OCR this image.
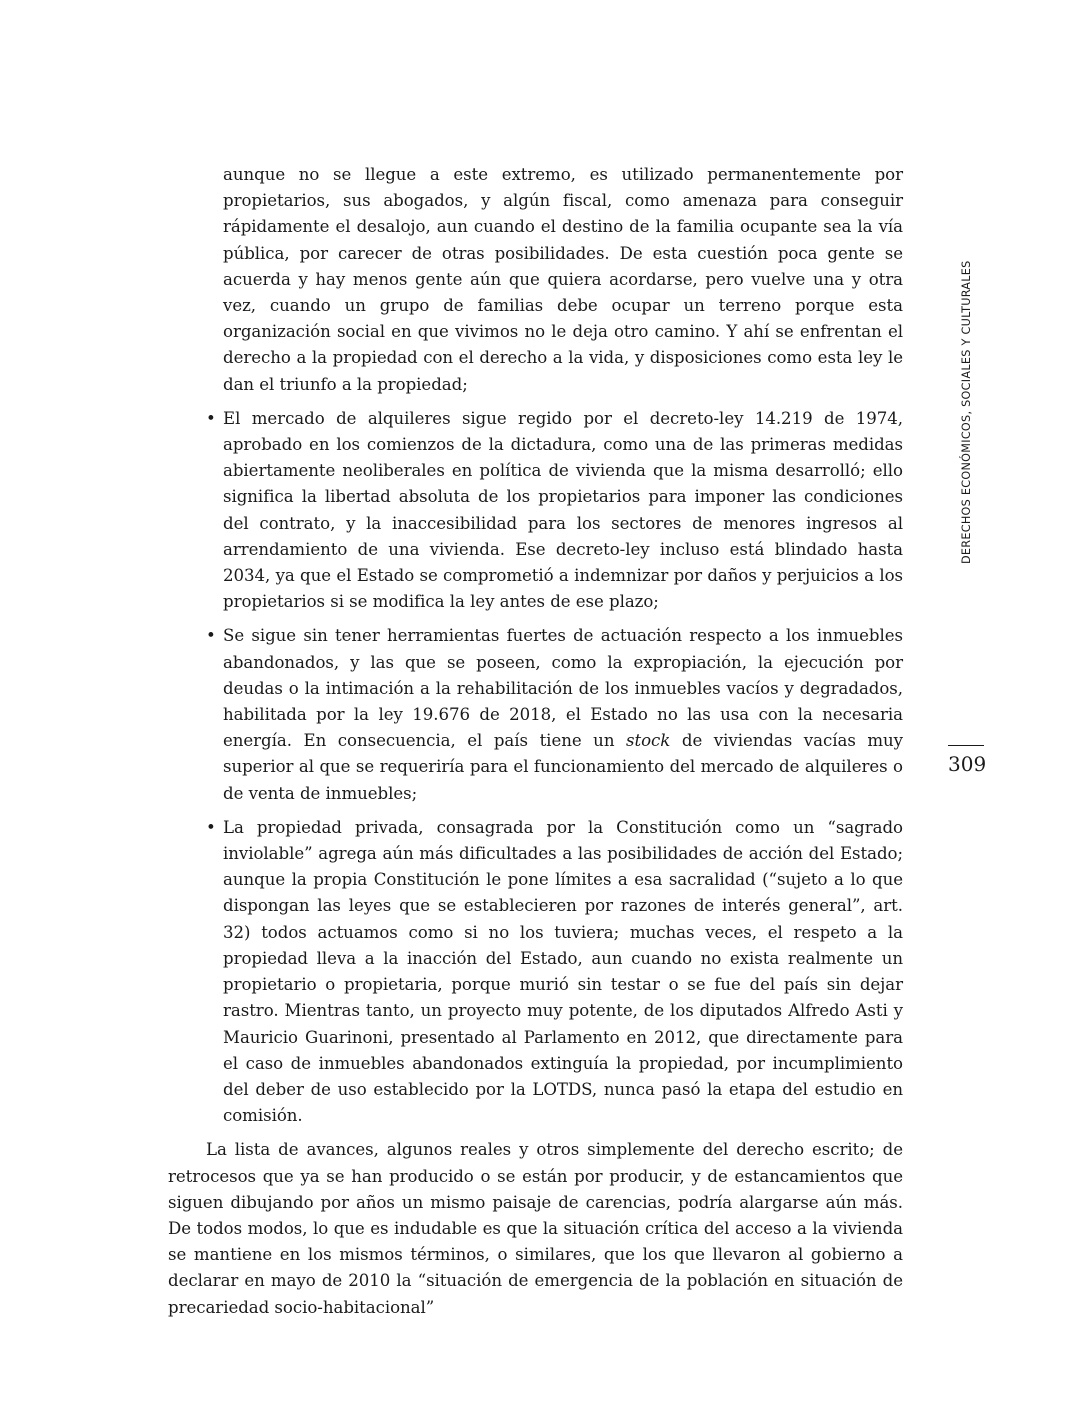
aunque no se llegue a este extremo, es utilizado permanentemente por propietarios, sus abogados, y algún fiscal, como amenaza para conseguir rápidamente el desalojo, aun cuando el destino de la familia ocupante sea la vía pública, por carecer de otras posibilidades. De esta cuestión poca gente se acuerda y hay menos gente aún que quiera acordarse, pero vuelve una y otra vez, cuando un grupo de familias debe ocupar un terreno porque esta organización social en que vivimos no le deja otro camino. Y ahí se enfrentan el derecho a la propiedad con el derecho a la vida, y disposiciones como esta ley le dan el triunfo a la propiedad;

• El mercado de alquileres sigue regido por el decreto-ley 14.219 de 1974, aprobado en los comienzos de la dictadura, como una de las primeras medidas abiertamente neoliberales en política de vivienda que la misma desarrolló; ello significa la libertad absoluta de los propietarios para imponer las condiciones del contrato, y la inaccesibilidad para los sectores de menores ingresos al arrendamiento de una vivienda. Ese decreto-ley incluso está blindado hasta 2034, ya que el Estado se comprometió a indemnizar por daños y perjuicios a los propietarios si se modifica la ley antes de ese plazo;
• Se sigue sin tener herramientas fuertes de actuación respecto a los inmuebles abandonados, y las que se poseen, como la expropiación, la ejecución por deudas o la intimación a la rehabilitación de los inmuebles vacíos y degradados, habilitada por la ley 19.676 de 2018, el Estado no las usa con la necesaria energía. En consecuencia, el país tiene un stock de viviendas vacías muy superior al que se requeriría para el funcionamiento del mercado de alquileres o de venta de inmuebles;
• La propiedad privada, consagrada por la Constitución como un “sagrado inviolable” agrega aún más dificultades a las posibilidades de acción del Estado; aunque la propia Constitución le pone límites a esa sacralidad (“sujeto a lo que dispongan las leyes que se establecieren por razones de interés general”, art. 32) todos actuamos como si no los tuviera; muchas veces, el respeto a la propiedad lleva a la inacción del Estado, aun cuando no exista realmente un propietario o propietaria, porque murió sin testar o se fue del país sin dejar rastro. Mientras tanto, un proyecto muy potente, de los diputados Alfredo Asti y Mauricio Guarinoni, presentado al Parlamento en 2012, que directamente para el caso de inmuebles abandonados extinguía la propiedad, por incumplimiento del deber de uso establecido por la LOTDS, nunca pasó la etapa del estudio en comisión.

La lista de avances, algunos reales y otros simplemente del derecho escrito; de retrocesos que ya se han producido o se están por producir, y de estancamientos que siguen dibujando por años un mismo paisaje de carencias, podría alargarse aún más. De todos modos, lo que es indudable es que la situación crítica del acceso a la vivienda se mantiene en los mismos términos, o similares, que los que llevaron al gobierno a declarar en mayo de 2010 la “situación de emergencia de la población en situación de precariedad socio-habitacional”

DERECHOS ECONÓMICOS, SOCIALES Y CULTURALES
309
